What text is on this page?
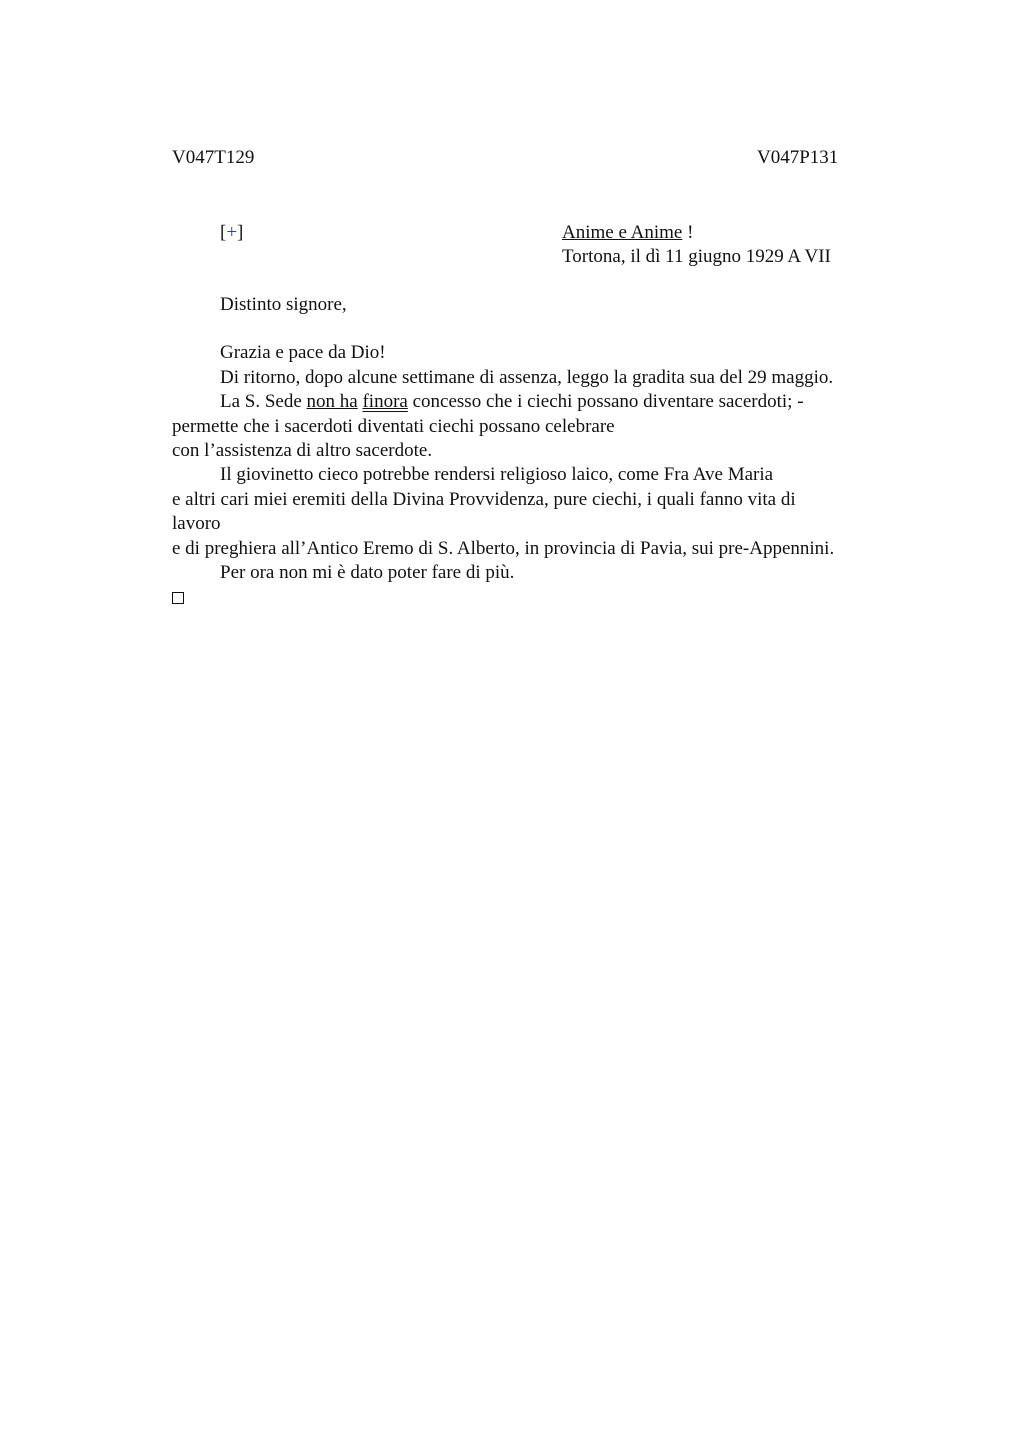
V047T129	V047P131
[+]	Anime e Anime !
Tortona, il dì 11 giugno 1929 A VII
Distinto signore,
Grazia e pace da Dio!
Di ritorno, dopo alcune settimane di assenza, leggo la gradita sua del 29 maggio.
La S. Sede non ha finora concesso che i ciechi possano diventare sacerdoti; -
permette che i sacerdoti diventati ciechi possano celebrare
con l’assistenza di altro sacerdote.
Il giovinetto cieco potrebbe rendersi religioso laico, come Fra Ave Maria
e altri cari miei eremiti della Divina Provvidenza, pure ciechi, i quali fanno vita di
lavoro
e di preghiera all’Antico Eremo di S. Alberto, in provincia di Pavia, sui pre-Appennini.
Per ora non mi è dato poter fare di più.
